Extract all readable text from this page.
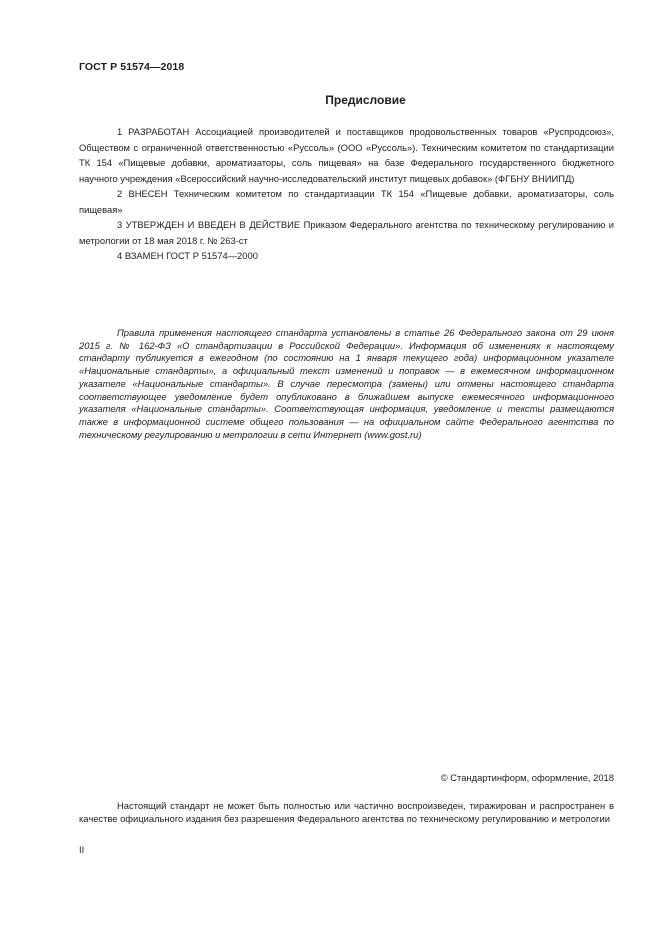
ГОСТ Р 51574—2018
Предисловие

1 РАЗРАБОТАН Ассоциацией производителей и поставщиков продовольственных товаров «Руспродсоюз», Обществом с ограниченной ответственностью «Руссоль» (ООО «Руссоль»). Техническим комитетом по стандартизации ТК 154 «Пищевые добавки, ароматизаторы, соль пищевая» на базе Федерального государственного бюджетного научного учреждения «Всероссийский научно-исследовательский институт пищевых добавок» (ФГБНУ ВНИИПД)

2 ВНЕСЕН Техническим комитетом по стандартизации ТК 154 «Пищевые добавки, ароматизаторы, соль пищевая»

3 УТВЕРЖДЕН И ВВЕДЕН В ДЕЙСТВИЕ Приказом Федерального агентства по техническому регулированию и метрологии от 18 мая 2018 г. № 263-ст

4 ВЗАМЕН ГОСТ Р 51574—2000

Правила применения настоящего стандарта установлены в статье 26 Федерального закона от 29 июня 2015 г. № 162-ФЗ «О стандартизации в Российской Федерации». Информация об изменениях к настоящему стандарту публикуется в ежегодном (по состоянию на 1 января текущего года) информационном указателе «Национальные стандарты», а официальный текст изменений и поправок — в ежемесячном информационном указателе «Национальные стандарты». В случае пересмотра (замены) или отмены настоящего стандарта соответствующее уведомление будет опубликовано в ближайшем выпуске ежемесячного информационного указателя «Национальные стандарты». Соответствующая информация, уведомление и тексты размещаются также в информационной системе общего пользования — на официальном сайте Федерального агентства по техническому регулированию и метрологии в сети Интернет (www.gost.ru)

© Стандартинформ, оформление, 2018

Настоящий стандарт не может быть полностью или частично воспроизведен, тиражирован и распространен в качестве официального издания без разрешения Федерального агентства по техническому регулированию и метрологии

II
